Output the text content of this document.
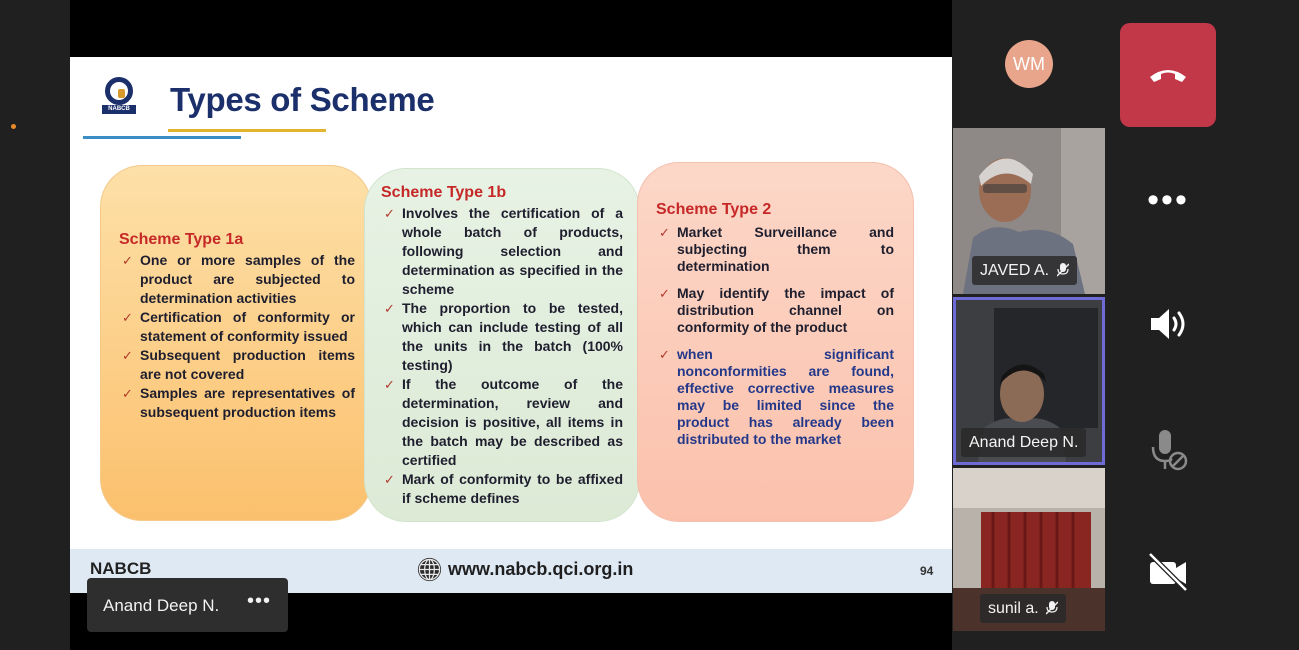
NABCB Types of Scheme
Scheme Type 1a
✓ One or more samples of the product are subjected to determination activities
✓ Certification of conformity or statement of conformity issued
✓ Subsequent production items are not covered
✓ Samples are representatives of subsequent production items
Scheme Type 1b
✓ Involves the certification of a whole batch of products, following selection and determination as specified in the scheme
✓ The proportion to be tested, which can include testing of all the units in the batch (100% testing)
✓ If the outcome of the determination, review and decision is positive, all items in the batch may be described as certified
✓ Mark of conformity to be affixed if scheme defines
Scheme Type 2
✓ Market Surveillance and subjecting them to determination
✓ May identify the impact of distribution channel on conformity of the product
✓ when significant nonconformities are found, effective corrective measures may be limited since the product has already been distributed to the market
NABCB	www.nabcb.qci.org.in	94
Anand Deep N. •••
WM
JAVED A.
Anand Deep N.
sunil a.
•••
